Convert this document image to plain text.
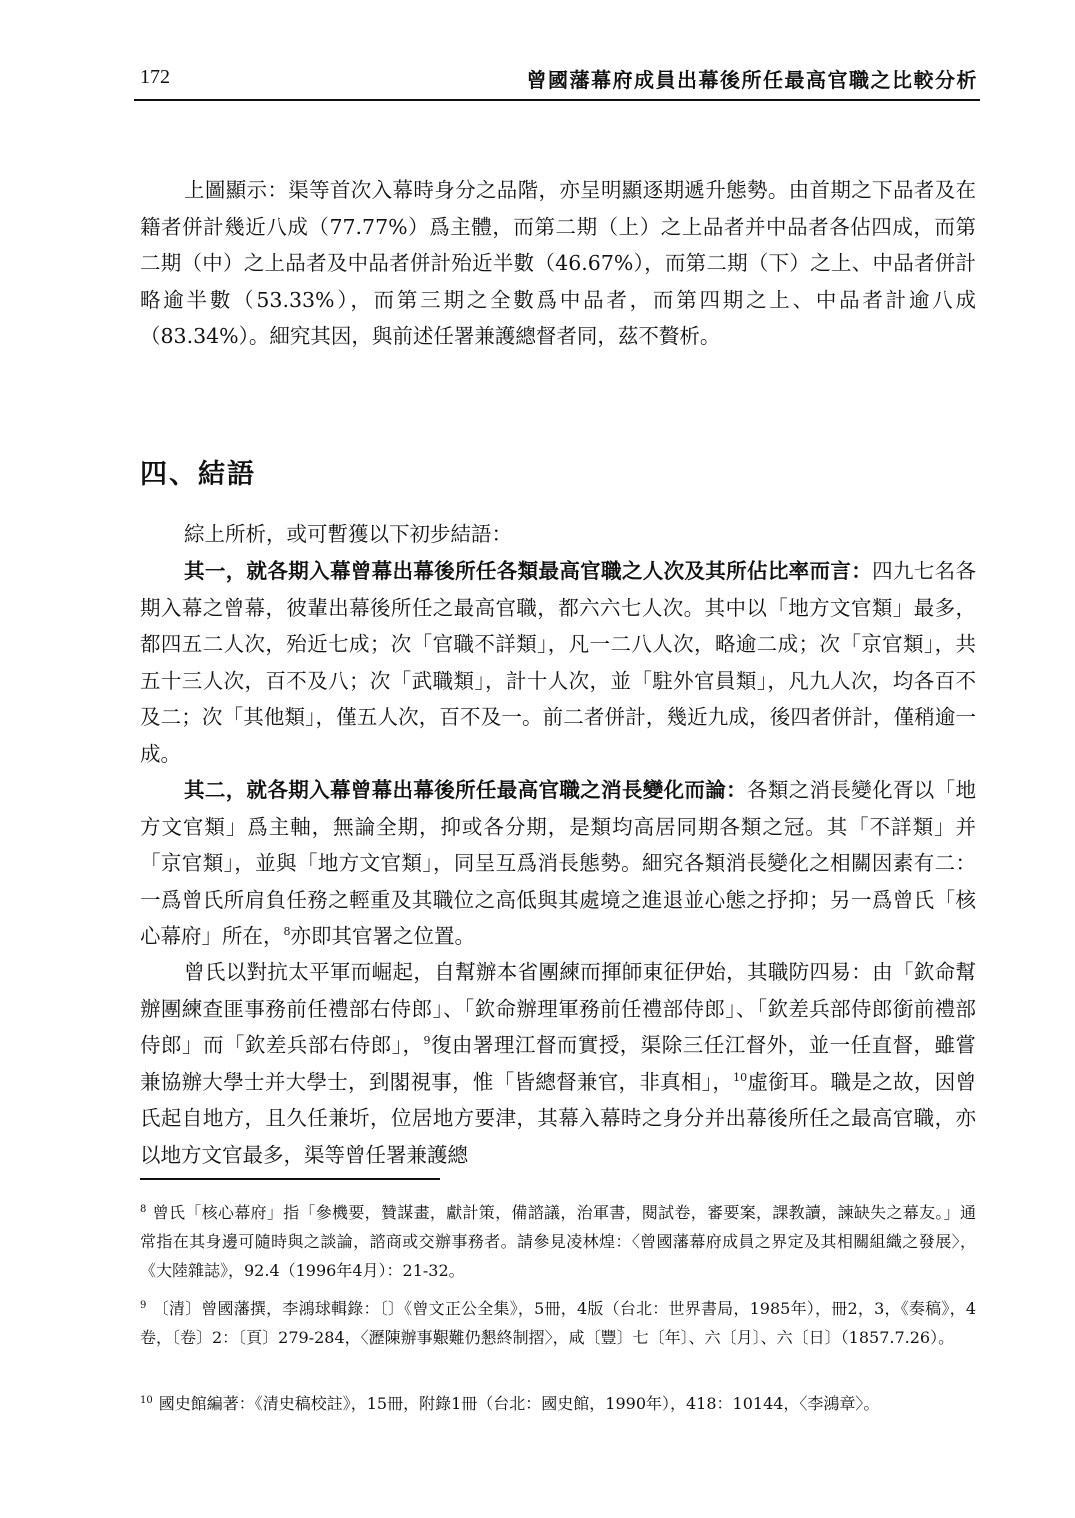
172	曾國藩幕府成員出幕後所任最高官職之比較分析

上圖顯示：渠等首次入幕時身分之品階，亦呈明顯逐期遞升態勢。由首期之下品者及在籍者併計幾近八成（77.77%）爲主體，而第二期（上）之上品者并中品者各佔四成，而第二期（中）之上品者及中品者併計殆近半數（46.67%），而第二期（下）之上、中品者併計略逾半數（53.33%），而第三期之全數爲中品者，而第四期之上、中品者計逾八成（83.34%）。細究其因，與前述任署兼護總督者同，茲不贅析。

四、結語

綜上所析，或可暫獲以下初步結語：

其一，就各期入幕曾幕出幕後所任各類最高官職之人次及其所佔比率而言：四九七名各期入幕之曾幕，彼輩出幕後所任之最高官職，都六六七人次。其中以「地方文官類」最多，都四五二人次，殆近七成；次「官職不詳類」，凡一二八人次，略逾二成；次「京官類」，共五十三人次，百不及八；次「武職類」，計十人次，並「駐外官員類」，凡九人次，均各百不及二；次「其他類」，僅五人次，百不及一。前二者併計，幾近九成，後四者併計，僅稍逾一成。

其二，就各期入幕曾幕出幕後所任最高官職之消長變化而論：各類之消長變化胥以「地方文官類」爲主軸，無論全期，抑或各分期，是類均高居同期各類之冠。其「不詳類」并「京官類」，並與「地方文官類」，同呈互爲消長態勢。細究各類消長變化之相關因素有二：一爲曾氏所肩負任務之輕重及其職位之高低與其處境之進退並心態之抒抑；另一爲曾氏「核心幕府」所在，$^8$亦即其官署之位置。

曾氏以對抗太平軍而崛起，自幫辦本省團練而揮師東征伊始，其職防四易：由「欽命幫辦團練查匪事務前任禮部右侍郎」、「欽命辦理軍務前任禮部侍郎」、「欽差兵部侍郎銜前禮部侍郎」而「欽差兵部右侍郎」，$^9$復由署理江督而實授，渠除三任江督外，並一任直督，雖嘗兼協辦大學士并大學士，到閣視事，惟「皆總督兼官，非真相」，$^{10}$虛銜耳。職是之故，因曾氏起自地方，且久任兼圻，位居地方要津，其幕入幕時之身分并出幕後所任之最高官職，亦以地方文官最多，渠等曾任署兼護總

$^8$ 曾氏「核心幕府」指「參機要，贊謀畫，獻計策，備諮議，治軍書，閱試卷，審要案，課教讀，諫缺失之幕友。」通常指在其身邊可隨時與之談論，諮商或交辦事務者。請參見凌林煌：〈曾國藩幕府成員之界定及其相關組織之發展〉，《大陸雜誌》，92.4（1996年4月）：21-32。

$^9$ 〔清〕曾國藩撰，李鴻球輯錄：〔〕《曾文正公全集》，5冊，4版（台北：世界書局，1985年），冊2，3，《奏稿》，4卷，〔卷〕2：〔頁〕279-284，〈瀝陳辦事艱難仍懇終制摺〉，咸〔豐〕七〔年〕、六〔月〕、六〔日〕（1857.7.26）。

$^{10}$ 國史館編著：《清史稿校註》，15冊，附錄1冊（台北：國史館，1990年），418：10144，〈李鴻章〉。
